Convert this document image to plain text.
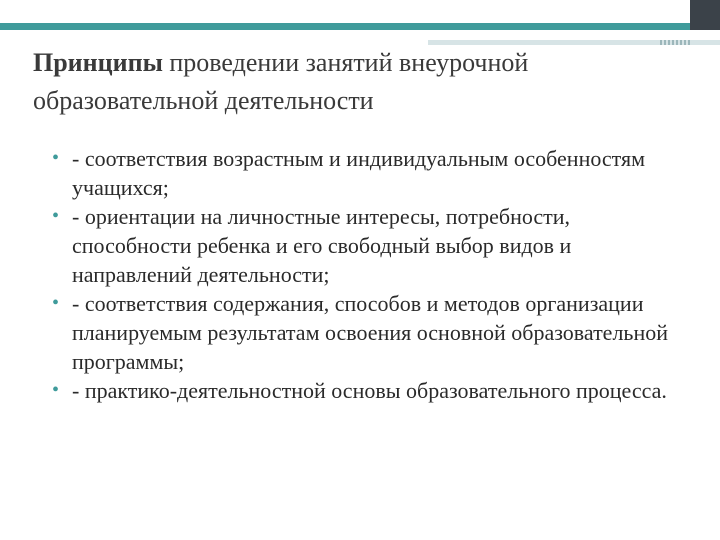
Принципы проведении занятий внеурочной образовательной деятельности
• - соответствия возрастным и индивидуальным особенностям учащихся;
• - ориентации на личностные интересы, потребности, способности ребенка и его свободный выбор видов и направлений деятельности;
• - соответствия содержания, способов и методов организации планируемым результатам освоения основной образовательной программы;
• - практико-деятельностной основы образовательного процесса.
